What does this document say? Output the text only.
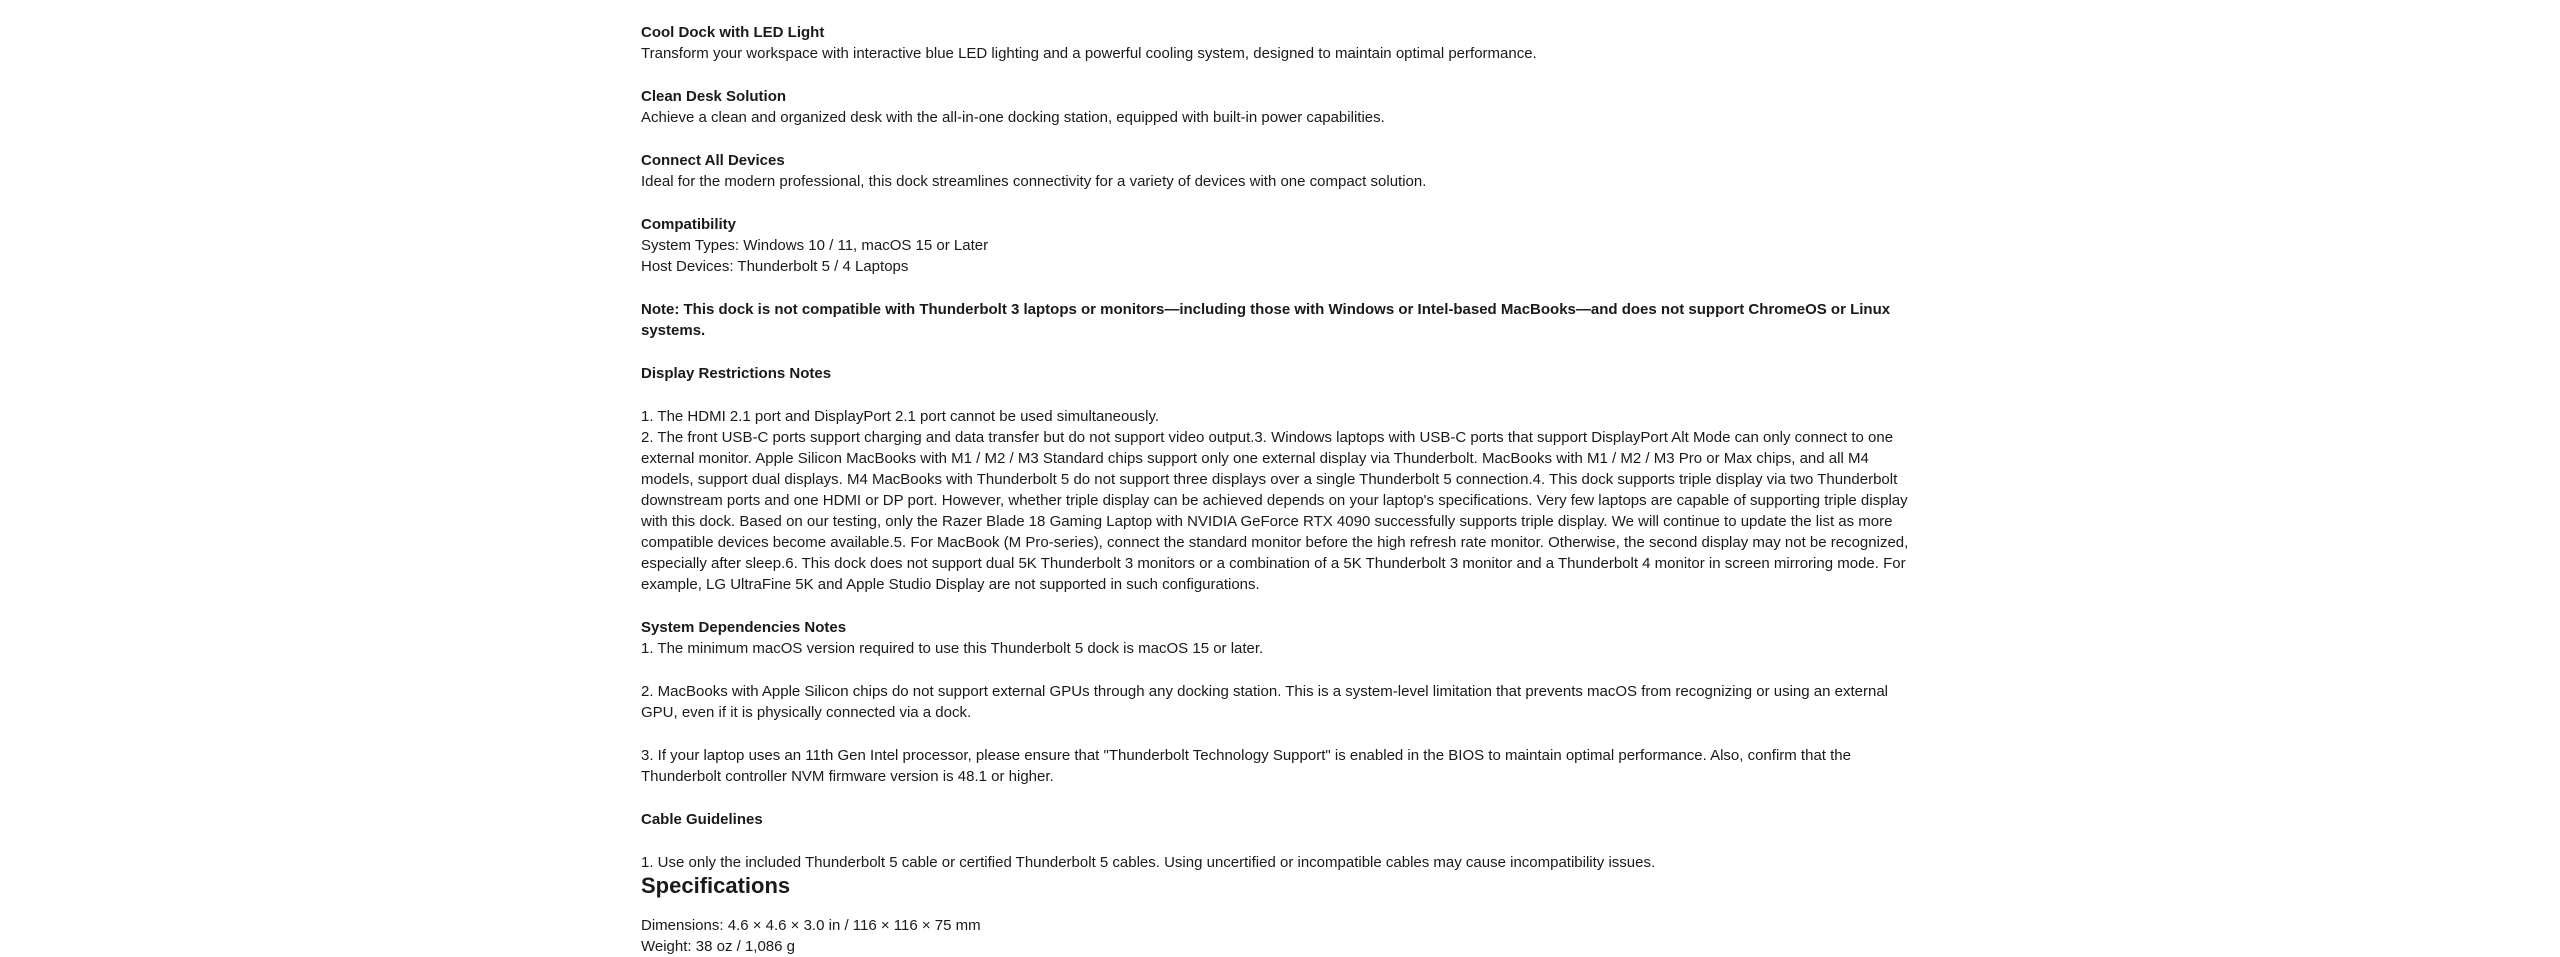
Cool Dock with LED Light
Transform your workspace with interactive blue LED lighting and a powerful cooling system, designed to maintain optimal performance.
Clean Desk Solution
Achieve a clean and organized desk with the all-in-one docking station, equipped with built-in power capabilities.
Connect All Devices
Ideal for the modern professional, this dock streamlines connectivity for a variety of devices with one compact solution.
Compatibility
System Types: Windows 10 / 11, macOS 15 or Later
Host Devices: Thunderbolt 5 / 4 Laptops
Note: This dock is not compatible with Thunderbolt 3 laptops or monitors—including those with Windows or Intel-based MacBooks—and does not support ChromeOS or Linux systems.
Display Restrictions Notes
1. The HDMI 2.1 port and DisplayPort 2.1 port cannot be used simultaneously.
2. The front USB-C ports support charging and data transfer but do not support video output.3. Windows laptops with USB-C ports that support DisplayPort Alt Mode can only connect to one external monitor. Apple Silicon MacBooks with M1 / M2 / M3 Standard chips support only one external display via Thunderbolt. MacBooks with M1 / M2 / M3 Pro or Max chips, and all M4 models, support dual displays. M4 MacBooks with Thunderbolt 5 do not support three displays over a single Thunderbolt 5 connection.4. This dock supports triple display via two Thunderbolt downstream ports and one HDMI or DP port. However, whether triple display can be achieved depends on your laptop's specifications. Very few laptops are capable of supporting triple display with this dock. Based on our testing, only the Razer Blade 18 Gaming Laptop with NVIDIA GeForce RTX 4090 successfully supports triple display. We will continue to update the list as more compatible devices become available.5. For MacBook (M Pro-series), connect the standard monitor before the high refresh rate monitor. Otherwise, the second display may not be recognized, especially after sleep.6. This dock does not support dual 5K Thunderbolt 3 monitors or a combination of a 5K Thunderbolt 3 monitor and a Thunderbolt 4 monitor in screen mirroring mode. For example, LG UltraFine 5K and Apple Studio Display are not supported in such configurations.
System Dependencies Notes
1. The minimum macOS version required to use this Thunderbolt 5 dock is macOS 15 or later.
2. MacBooks with Apple Silicon chips do not support external GPUs through any docking station. This is a system-level limitation that prevents macOS from recognizing or using an external GPU, even if it is physically connected via a dock.
3. If your laptop uses an 11th Gen Intel processor, please ensure that "Thunderbolt Technology Support" is enabled in the BIOS to maintain optimal performance. Also, confirm that the Thunderbolt controller NVM firmware version is 48.1 or higher.
Cable Guidelines
1. Use only the included Thunderbolt 5 cable or certified Thunderbolt 5 cables. Using uncertified or incompatible cables may cause incompatibility issues.
Specifications
Dimensions: 4.6 × 4.6 × 3.0 in / 116 × 116 × 75 mm
Weight: 38 oz / 1,086 g
